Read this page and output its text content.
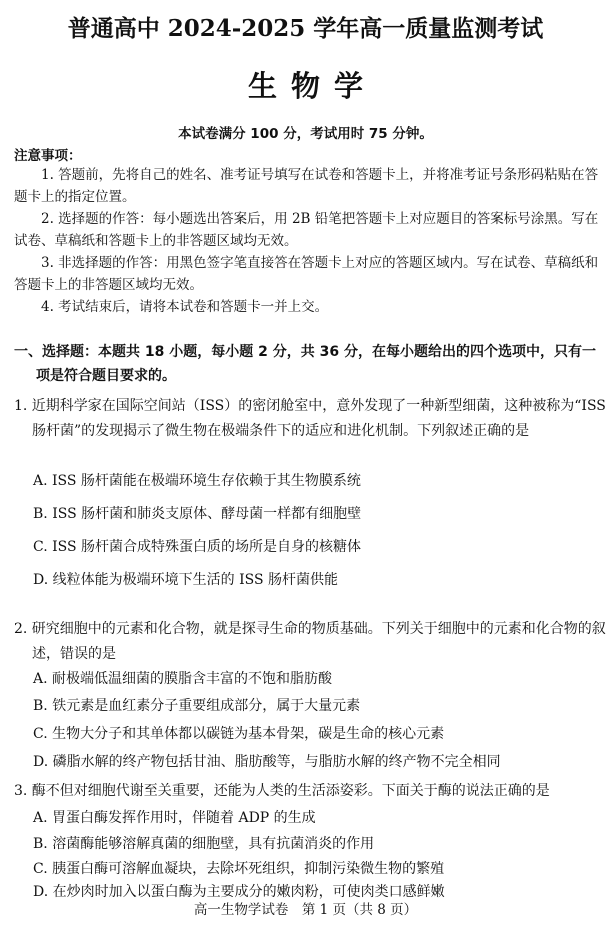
普通高中 2024-2025 学年高一质量监测考试
生物学
本试卷满分 100 分，考试用时 75 分钟。
注意事项：
1. 答题前，先将自己的姓名、准考证号填写在试卷和答题卡上，并将准考证号条形码粘贴在答题卡上的指定位置。
2. 选择题的作答：每小题选出答案后，用 2B 铅笔把答题卡上对应题目的答案标号涂黑。写在试卷、草稿纸和答题卡上的非答题区域均无效。
3. 非选择题的作答：用黑色签字笔直接答在答题卡上对应的答题区域内。写在试卷、草稿纸和答题卡上的非答题区域均无效。
4. 考试结束后，请将本试卷和答题卡一并上交。
一、选择题：本题共 18 小题，每小题 2 分，共 36 分，在每小题给出的四个选项中，只有一项是符合题目要求的。
1. 近期科学家在国际空间站（ISS）的密闭舱室中，意外发现了一种新型细菌，这种被称为“ISS 肠杆菌”的发现揭示了微生物在极端条件下的适应和进化机制。下列叙述正确的是
A. ISS 肠杆菌能在极端环境生存依赖于其生物膜系统
B. ISS 肠杆菌和肺炎支原体、酵母菌一样都有细胞壁
C. ISS 肠杆菌合成特殊蛋白质的场所是自身的核糖体
D. 线粒体能为极端环境下生活的 ISS 肠杆菌供能
2. 研究细胞中的元素和化合物，就是探寻生命的物质基础。下列关于细胞中的元素和化合物的叙述，错误的是
A. 耐极端低温细菌的膜脂含丰富的不饱和脂肪酸
B. 铁元素是血红素分子重要组成部分，属于大量元素
C. 生物大分子和其单体都以碳链为基本骨架，碳是生命的核心元素
D. 磷脂水解的终产物包括甘油、脂肪酸等，与脂肪水解的终产物不完全相同
3. 酶不但对细胞代谢至关重要，还能为人类的生活添姿彩。下面关于酶的说法正确的是
A. 胃蛋白酶发挥作用时，伴随着 ADP 的生成
B. 溶菌酶能够溶解真菌的细胞壁，具有抗菌消炎的作用
C. 胰蛋白酶可溶解血凝块，去除坏死组织，抑制污染微生物的繁殖
D. 在炒肉时加入以蛋白酶为主要成分的嫩肉粉，可使肉类口感鲜嫩
高一生物学试卷　第 1 页（共 8 页）
